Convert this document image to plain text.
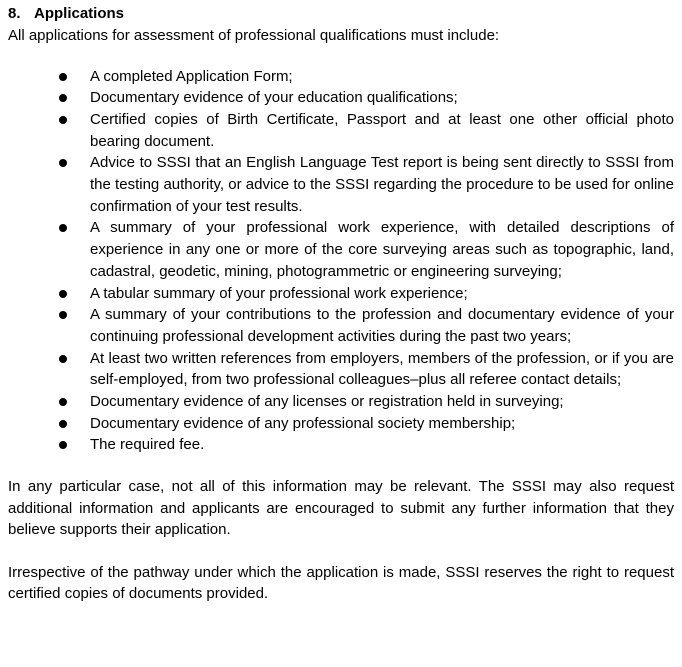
8. Applications

All applications for assessment of professional qualifications must include:

A completed Application Form;
Documentary evidence of your education qualifications;
Certified copies of Birth Certificate, Passport and at least one other official photo bearing document.
Advice to SSSI that an English Language Test report is being sent directly to SSSI from the testing authority, or advice to the SSSI regarding the procedure to be used for online confirmation of your test results.
A summary of your professional work experience, with detailed descriptions of experience in any one or more of the core surveying areas such as topographic, land, cadastral, geodetic, mining, photogrammetric or engineering surveying;
A tabular summary of your professional work experience;
A summary of your contributions to the profession and documentary evidence of your continuing professional development activities during the past two years;
At least two written references from employers, members of the profession, or if you are self-employed, from two professional colleagues–plus all referee contact details;
Documentary evidence of any licenses or registration held in surveying;
Documentary evidence of any professional society membership;
The required fee.

In any particular case, not all of this information may be relevant. The SSSI may also request additional information and applicants are encouraged to submit any further information that they believe supports their application.

Irrespective of the pathway under which the application is made, SSSI reserves the right to request certified copies of documents provided.
